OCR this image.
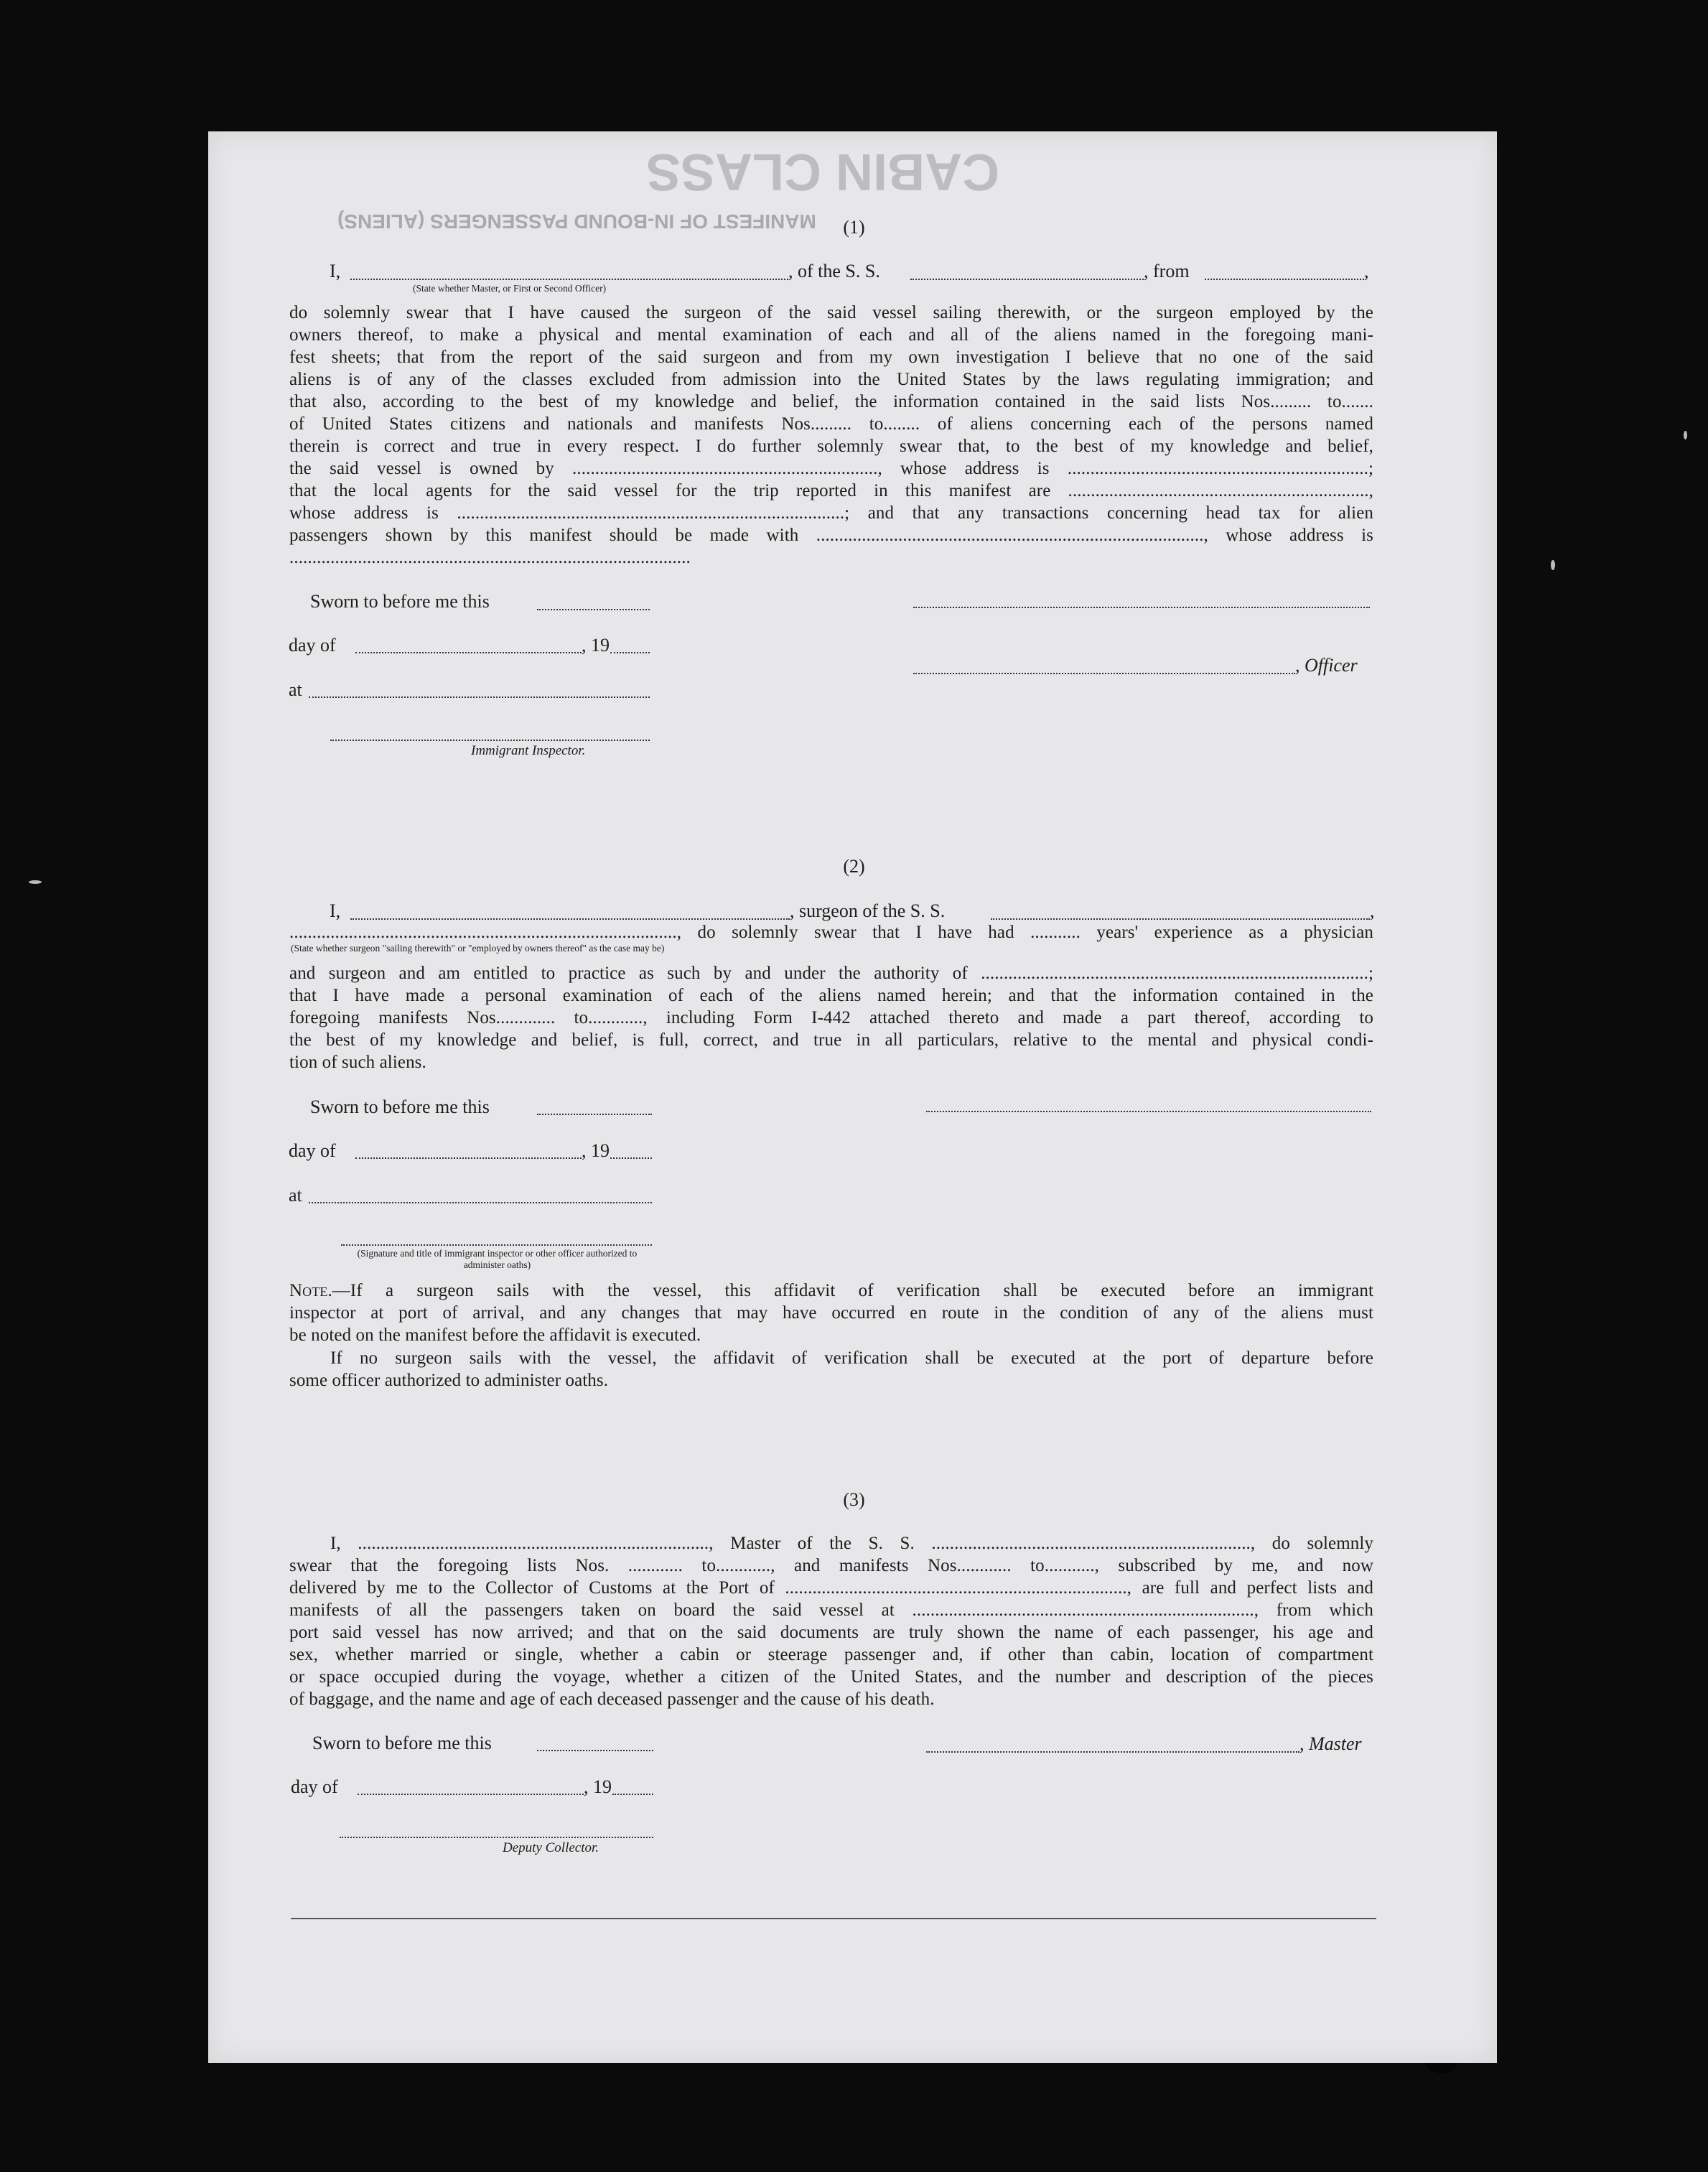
CABIN CLASS
MANIFEST OF IN-BOUND PASSENGERS (ALIENS)	(1)
I,	, of the S. S.	, from	,
(State whether Master, or First or Second Officer)
do solemnly swear that I have caused the surgeon of the said vessel sailing therewith, or the surgeon employed by the
owners thereof, to make a physical and mental examination of each and all of the aliens named in the foregoing mani-
fest sheets; that from the report of the said surgeon and from my own investigation I believe that no one of the said
aliens is of any of the classes excluded from admission into the United States by the laws regulating immigration; and
that also, according to the best of my knowledge and belief, the information contained in the said lists Nos......... to.......
of United States citizens and nationals and manifests Nos......... to........ of aliens concerning each of the persons named
therein is correct and true in every respect. I do further solemnly swear that, to the best of my knowledge and belief,
the said vessel is owned by ..................................................................., whose address is ..................................................................;
that the local agents for the said vessel for the trip reported in this manifest are ..................................................................,
whose address is .....................................................................................; and that any transactions concerning head tax for alien
passengers shown by this manifest should be made with ....................................................................................., whose address is
........................................................................................
Sworn to before me this
day of	, 19
, Officer
at
Immigrant Inspector.
(2)
I,	, surgeon of the S. S.	,
....................................................................................., do solemnly swear that I have had ........... years' experience as a physician
(State whether surgeon "sailing therewith" or "employed by owners thereof" as the case may be)
and surgeon and am entitled to practice as such by and under the authority of .....................................................................................;
that I have made a personal examination of each of the aliens named herein; and that the information contained in the
foregoing manifests Nos............. to............, including Form I-442 attached thereto and made a part thereof, according to
the best of my knowledge and belief, is full, correct, and true in all particulars, relative to the mental and physical condi-
tion of such aliens.
Sworn to before me this
day of	, 19
at
(Signature and title of immigrant inspector or other officer authorized to administer oaths)
Note.—If a surgeon sails with the vessel, this affidavit of verification shall be executed before an immigrant
inspector at port of arrival, and any changes that may have occurred en route in the condition of any of the aliens must
be noted on the manifest before the affidavit is executed.
If no surgeon sails with the vessel, the affidavit of verification shall be executed at the port of departure before
some officer authorized to administer oaths.
(3)
I, ............................................................................., Master of the S. S. ......................................................................, do solemnly
swear that the foregoing lists Nos. ............ to............, and manifests Nos............ to..........., subscribed by me, and now
delivered by me to the Collector of Customs at the Port of ..........................................................................., are full and perfect lists and
manifests of all the passengers taken on board the said vessel at ..........................................................................., from which
port said vessel has now arrived; and that on the said documents are truly shown the name of each passenger, his age and
sex, whether married or single, whether a cabin or steerage passenger and, if other than cabin, location of compartment
or space occupied during the voyage, whether a citizen of the United States, and the number and description of the pieces
of baggage, and the name and age of each deceased passenger and the cause of his death.
Sworn to before me this	, Master
day of	, 19
Deputy Collector.
